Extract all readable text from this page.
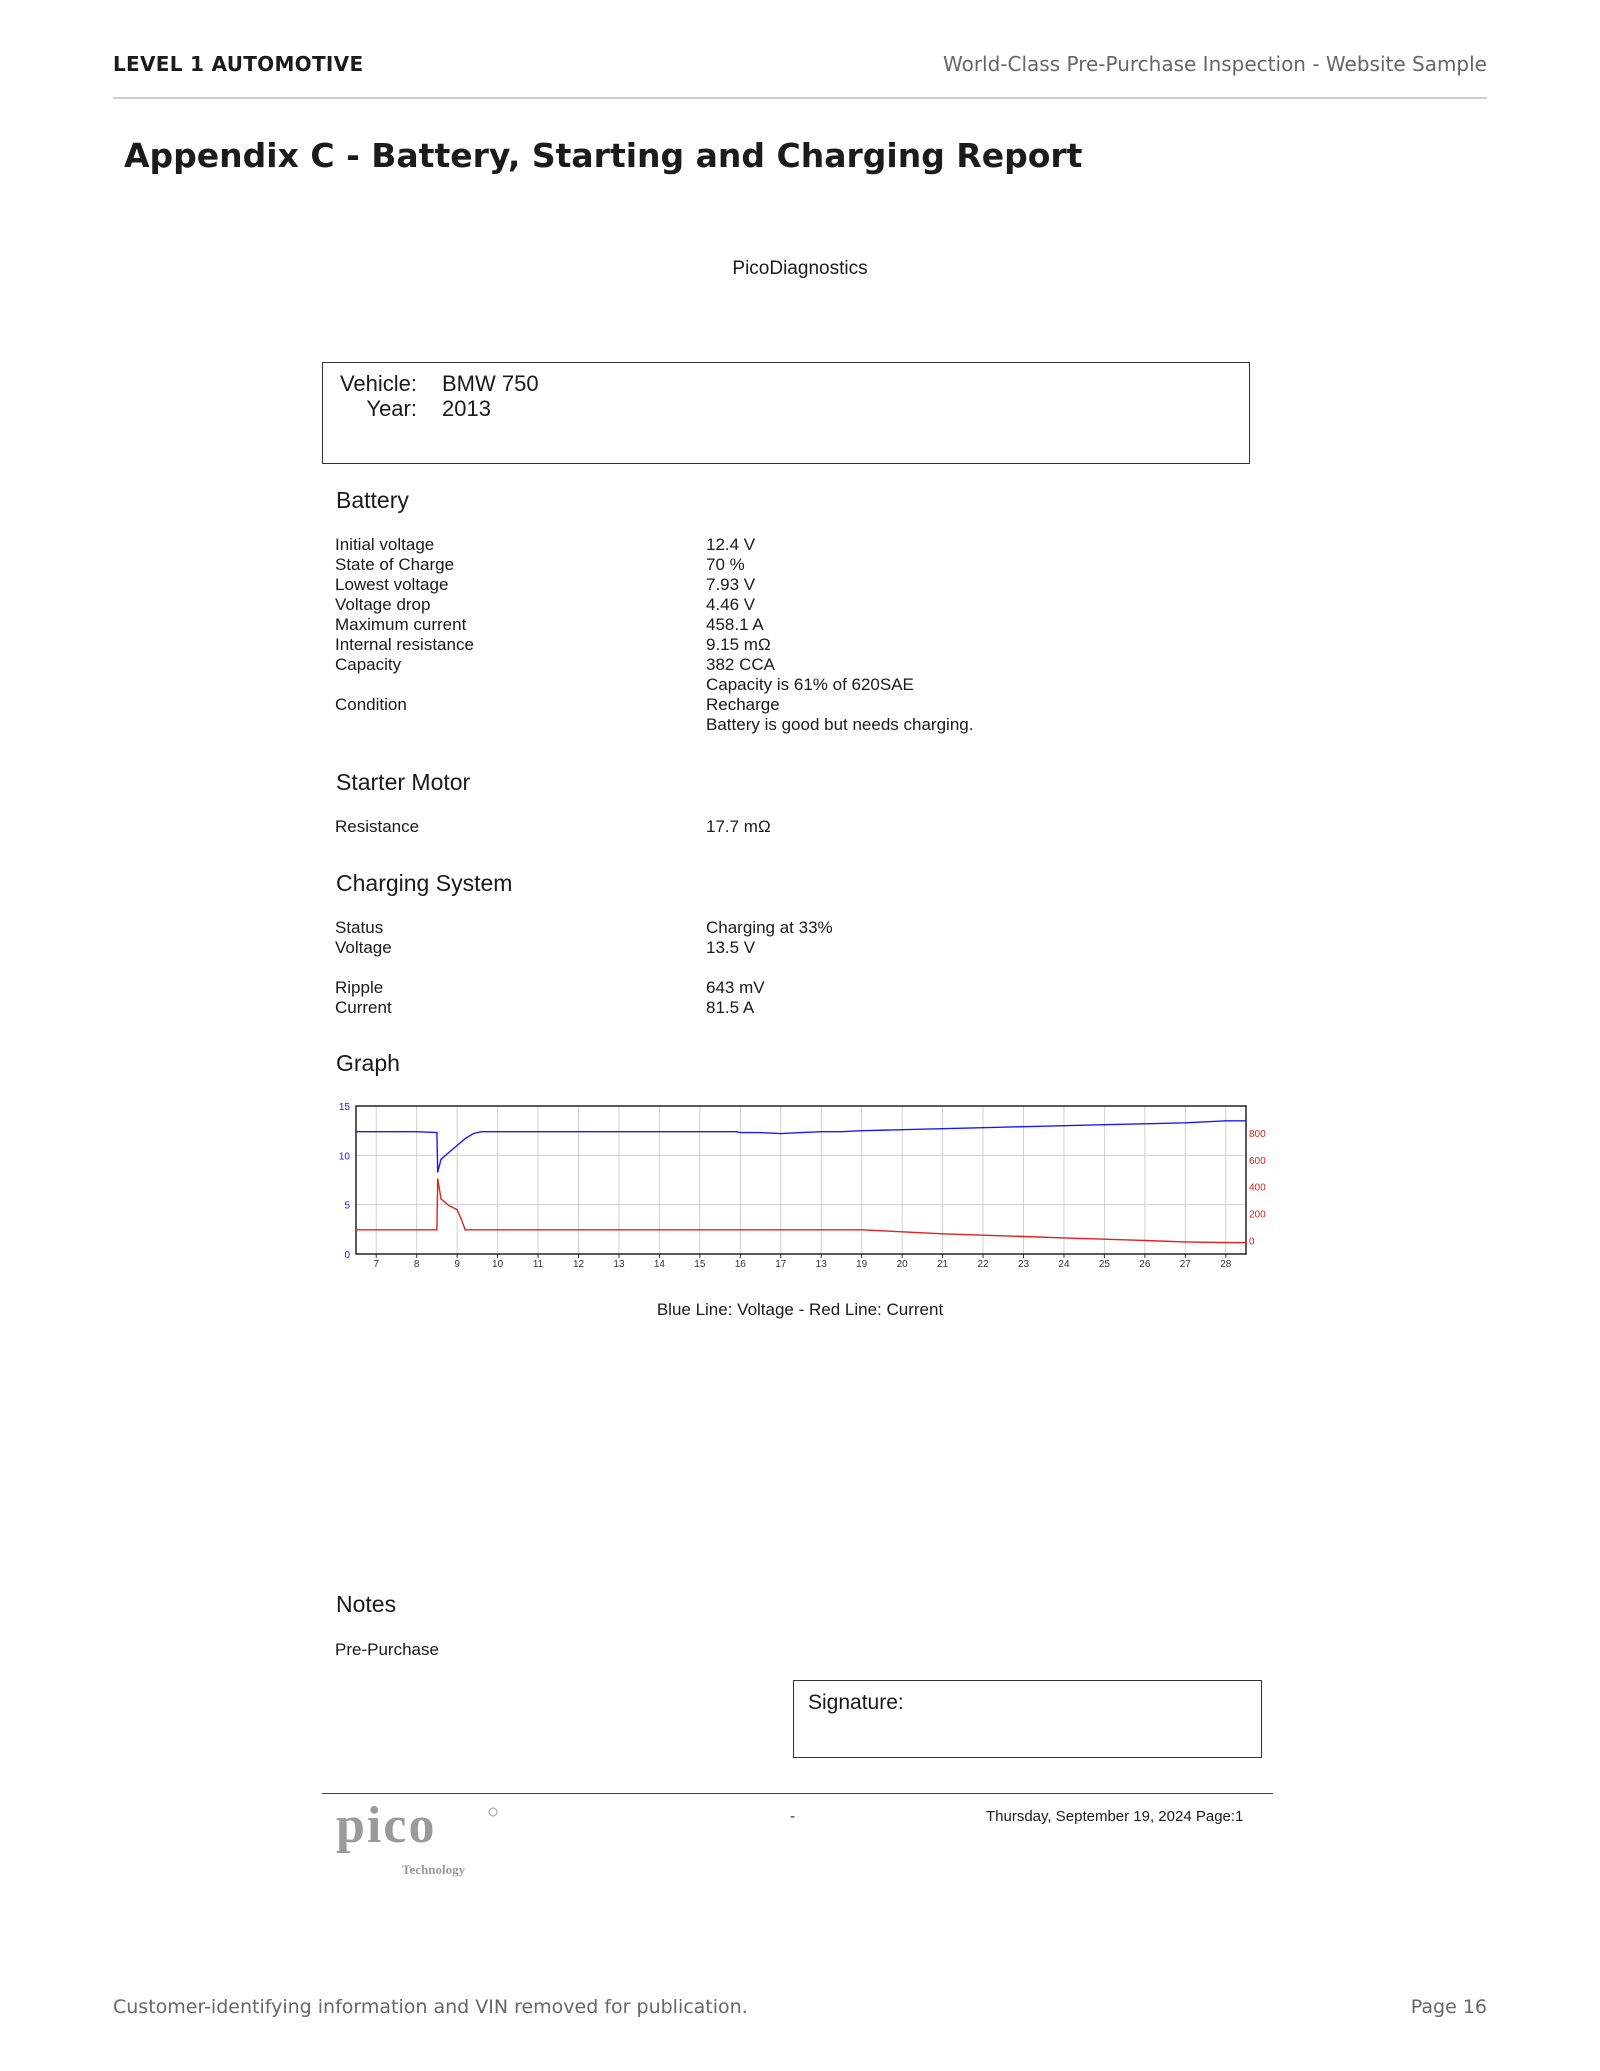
LEVEL 1 AUTOMOTIVE	World-Class Pre-Purchase Inspection - Website Sample
Appendix C - Battery, Starting and Charging Report
PicoDiagnostics
Vehicle: BMW 750
Year: 2013
Battery
Initial voltage	12.4 V
State of Charge	70 %
Lowest voltage	7.93 V
Voltage drop	4.46 V
Maximum current	458.1 A
Internal resistance	9.15 mΩ
Capacity	382 CCA
Capacity is 61% of 620SAE
Condition	Recharge
Battery is good but needs charging.
Starter Motor
Resistance	17.7 mΩ
Charging System
Status	Charging at 33%
Voltage	13.5 V
Ripple	643 mV
Current	81.5 A
Graph
7	8	9	10	11	12	13	14	15	16	17	13	19	20	21	22	23	24	25	26	27	28
15
10
5
0
800
600
400
200
0
Blue Line: Voltage - Red Line: Current
Notes
Pre-Purchase
Signature:
pico
Technology
-	Thursday, September 19, 2024 Page:1
Customer-identifying information and VIN removed for publication.	Page 16
